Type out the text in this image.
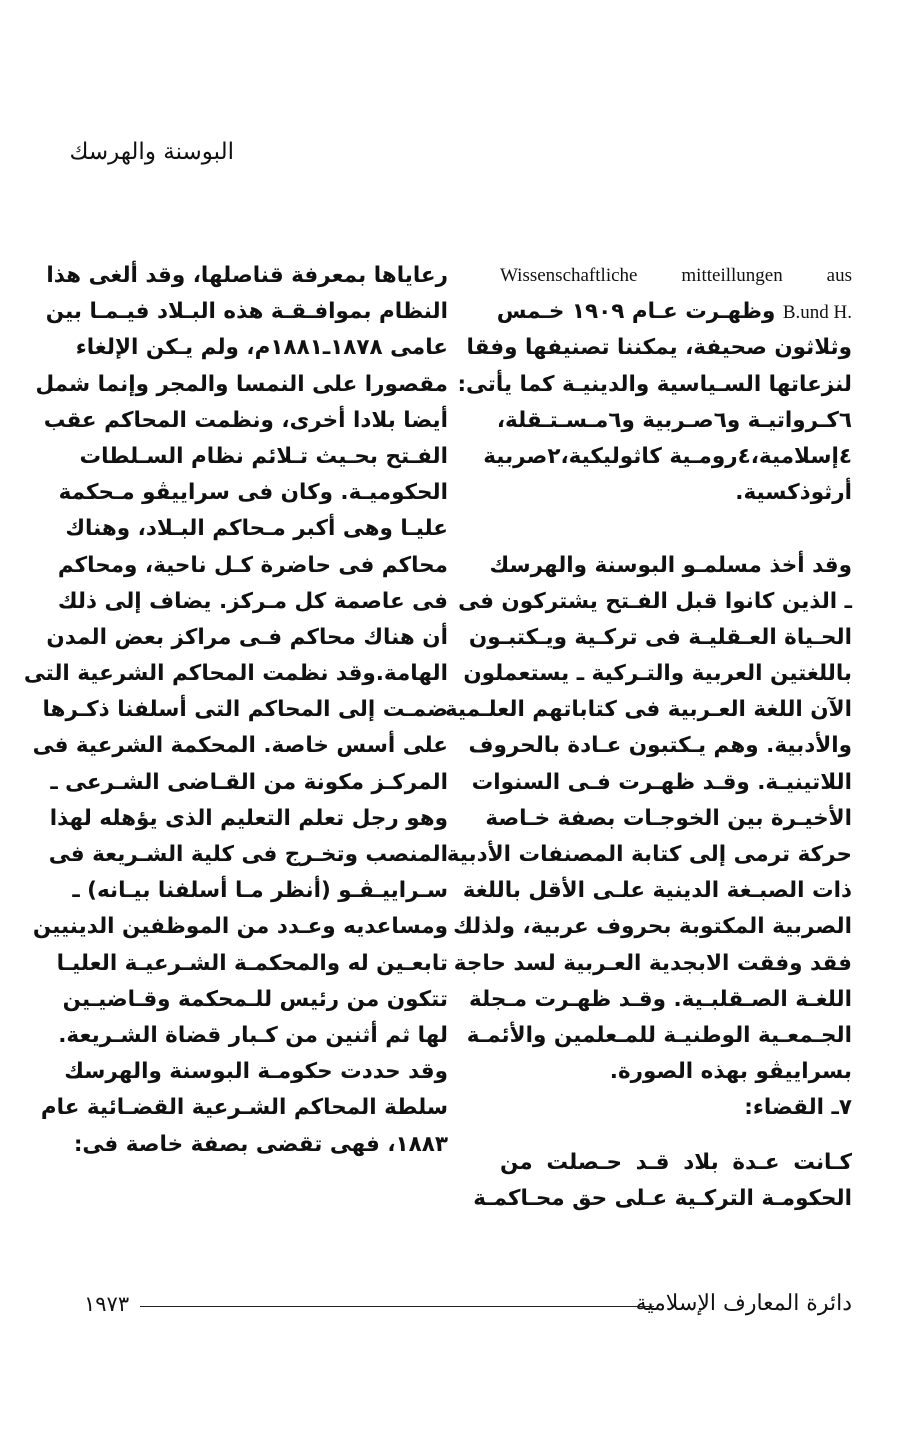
البوسنة والهرسك
Wissenschaftliche mitteillungen aus
B.und H. وظهـرت عـام ١٩٠٩ خـمس
وثلاثون صحيفة، يمكننا تصنيفها وفقا
لنزعاتها السـياسية والدينيـة كما يأتى:
٦كـرواتيـة و٦صـربية و٦مـسـتـقلة،
٤إسلامية،٤رومـية كاثوليكية،٢صربية
أرثوذكسية.
وقد أخذ مسلمـو البوسنة والهرسك
ـ الذين كانوا قبل الفـتح يشتركون فى
الحـياة العـقليـة فى تركـية ويـكتبـون
باللغتين العربية والتـركية ـ يستعملون
الآن اللغة العـربية فى كتاباتهم العلـمية
والأدبية. وهم يـكتبون عـادة بالحروف
اللاتينيـة. وقـد ظهـرت فـى السنوات
الأخيـرة بين الخوجـات بصفة خـاصة
حركة ترمى إلى كتابة المصنفات الأدبية
ذات الصبـغة الدينية علـى الأقل باللغة
الصربية المكتوبة بحروف عربية، ولذلك
فقد وفقت الابجدية العـربية لسد حاجة
اللغـة الصـقلبـية. وقـد ظهـرت مـجلة
الجـمعـية الوطنيـة للمـعلمين والأئمـة
بسراييڤو بهذه الصورة.
٧ـ القضاء:
كـانت عـدة بلاد قـد حـصلت من
الحكومـة التركـية عـلى حق محـاكمـة
رعاياها بمعرفة قناصلها، وقد ألغى هذا
النظام بموافـقـة هذه البـلاد فيـمـا بين
عامى ١٨٧٨ـ١٨٨١م، ولم يـكن الإلغاء
مقصورا على النمسا والمجر وإنما شمل
أيضا بلادا أخرى، ونظمت المحاكم عقب
الفـتح بحـيث تـلائم نظام السـلطات
الحكوميـة. وكان فى سراييڤو مـحكمة
عليـا وهى أكبر مـحاكم البـلاد، وهناك
محاكم فى حاضرة كـل ناحية، ومحاكم
فى عاصمة كل مـركز. يضاف إلى ذلك
أن هناك محاكم فـى مراكز بعض المدن
الهامة.وقد نظمت المحاكم الشرعية التى
ضمـت إلى المحاكم التى أسلفنا ذكـرها
على أسس خاصة. المحكمة الشرعية فى
المركـز مكونة من القـاضى الشـرعى ـ
وهو رجل تعلم التعليم الذى يؤهله لهذا
المنصب وتخـرج فى كلية الشـريعة فى
سـراييـڤـو (أنظر مـا أسلفنا بيـانه) ـ
ومساعديه وعـدد من الموظفين الدينيين
تابعـين له والمحكمـة الشـرعيـة العليـا
تتكون من رئيس للـمحكمة وقـاضيـين
لها ثم أثنين من كـبار قضاة الشـريعة.
وقد حددت حكومـة البوسنة والهرسك
سلطة المحاكم الشـرعية القضـائية عام
١٨٨٣، فهى تقضى بصفة خاصة فى:
دائرة المعارف الإسلامية
١٩٧٣
